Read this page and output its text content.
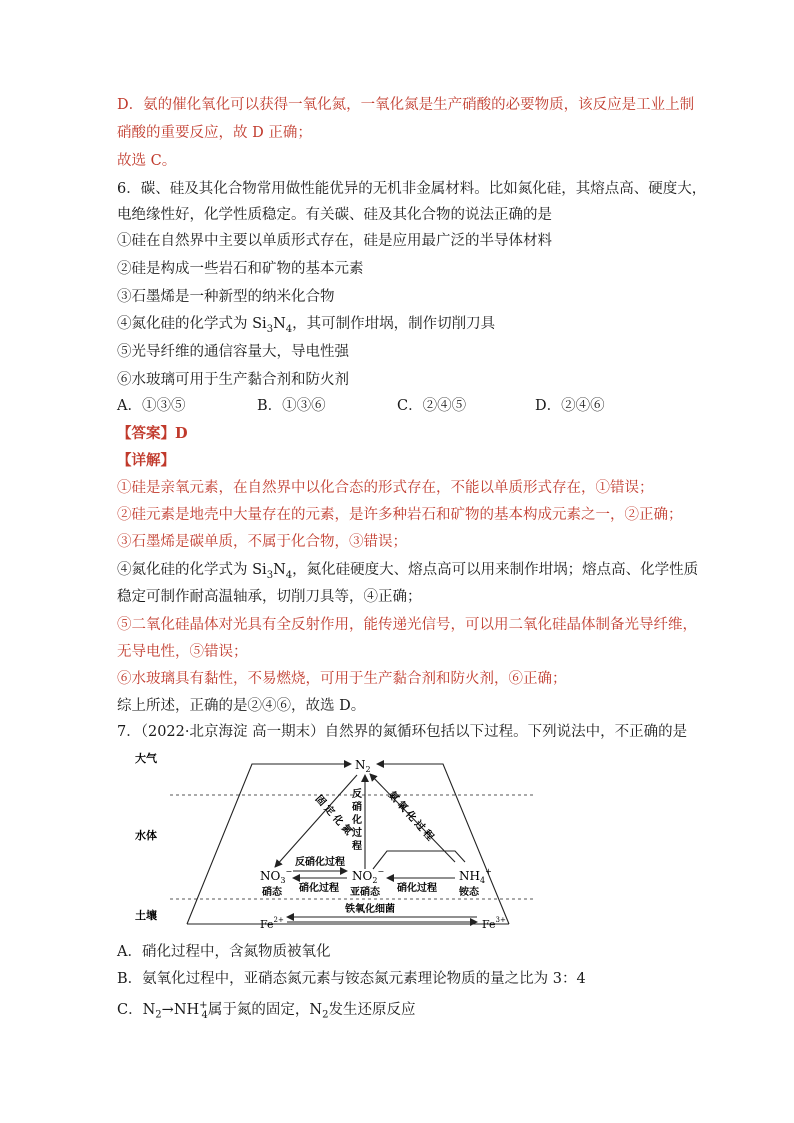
D．氨的催化氧化可以获得一氧化氮，一氧化氮是生产硝酸的必要物质，该反应是工业上制
硝酸的重要反应，故 D 正确；
故选 C。
6．碳、硅及其化合物常用做性能优异的无机非金属材料。比如氮化硅，其熔点高、硬度大，
电绝缘性好，化学性质稳定。有关碳、硅及其化合物的说法正确的是
①硅在自然界中主要以单质形式存在，硅是应用最广泛的半导体材料
②硅是构成一些岩石和矿物的基本元素
③石墨烯是一种新型的纳米化合物
④氮化硅的化学式为 $Si_3N_4$，其可制作坩埚，制作切削刀具
⑤光导纤维的通信容量大，导电性强
⑥水玻璃可用于生产黏合剂和防火剂
A．①③⑤	B．①③⑥	C．②④⑤	D．②④⑥
【答案】D
【详解】
①硅是亲氧元素，在自然界中以化合态的形式存在，不能以单质形式存在，①错误；
②硅元素是地壳中大量存在的元素，是许多种岩石和矿物的基本构成元素之一，②正确；
③石墨烯是碳单质，不属于化合物，③错误；
④氮化硅的化学式为 $Si_3N_4$，氮化硅硬度大、熔点高可以用来制作坩埚；熔点高、化学性质
稳定可制作耐高温轴承，切削刀具等，④正确；
⑤二氧化硅晶体对光具有全反射作用，能传递光信号，可以用二氧化硅晶体制备光导纤维，
无导电性，⑤错误；
⑥水玻璃具有黏性，不易燃烧，可用于生产黏合剂和防火剂，⑥正确；
综上所述，正确的是②④⑥，故选 D。
7．（2022·北京海淀 高一期末）自然界的氮循环包括以下过程。下列说法中，不正确的是
大气
水体
土壤
$N_2$
反硝化过程
固定化氮
氨氧化过程
$NO_3^-$
硝态
$NO_2^-$
亚硝态
$NH_4^+$
铵态
反硝化过程
硝化过程	硝化过程
$Fe^{2+}$	$Fe^{3+}$
铁氧化细菌
A．硝化过程中，含氮物质被氧化
B．氨氧化过程中，亚硝态氮元素与铵态氮元素理论物质的量之比为 3：4
C．$N_2\to NH^+_4$属于氮的固定，$N_2$发生还原反应
